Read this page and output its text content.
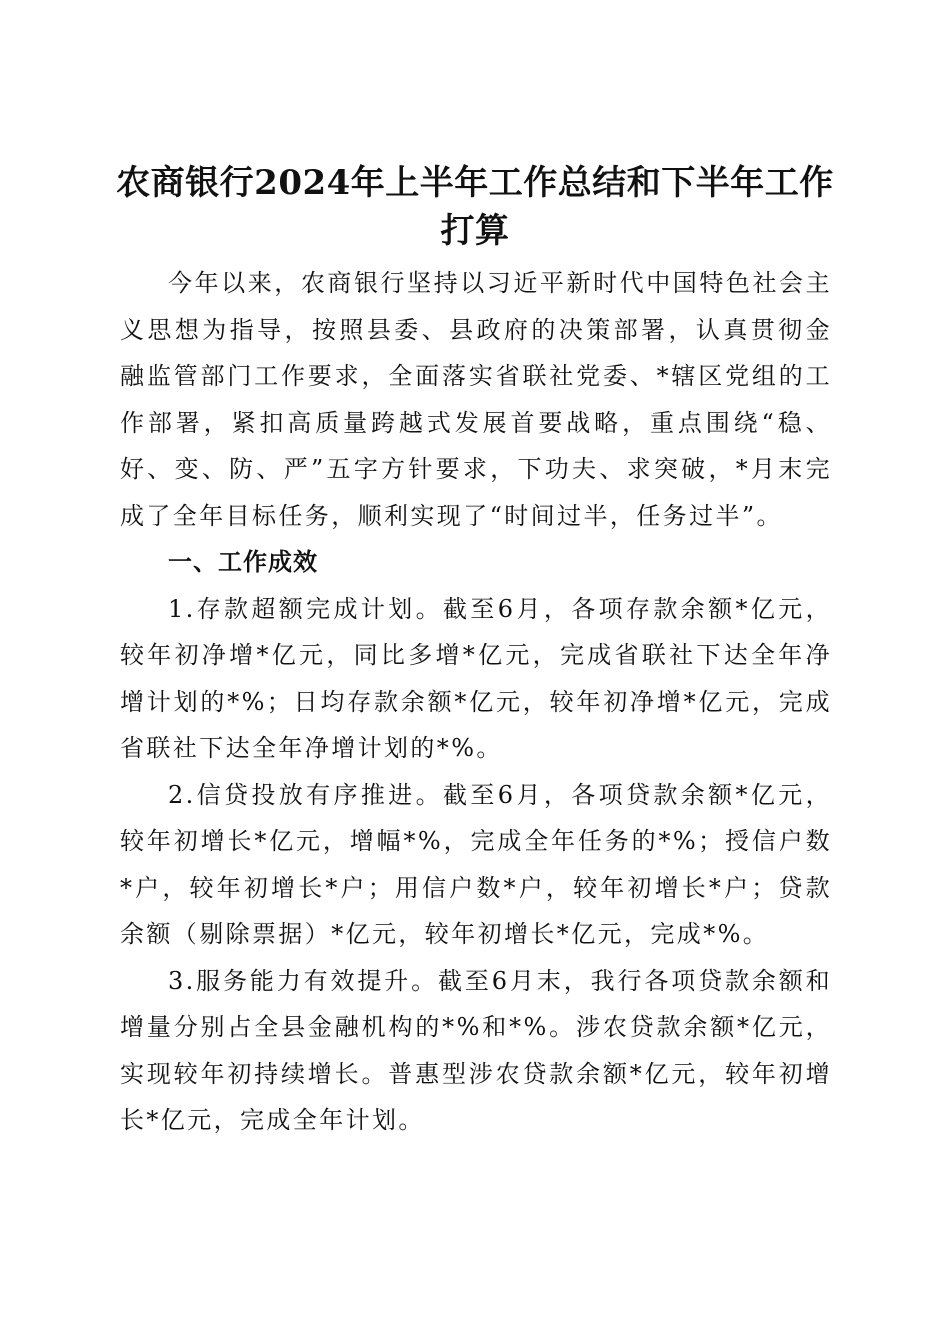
农商银行2024年上半年工作总结和下半年工作打算

今年以来，农商银行坚持以习近平新时代中国特色社会主义思想为指导，按照县委、县政府的决策部署，认真贯彻金融监管部门工作要求，全面落实省联社党委、*辖区党组的工作部署，紧扣高质量跨越式发展首要战略，重点围绕“稳、好、变、防、严”五字方针要求，下功夫、求突破，*月末完成了全年目标任务，顺利实现了“时间过半，任务过半”。

一、工作成效

1.存款超额完成计划。截至6月，各项存款余额*亿元，较年初净增*亿元，同比多增*亿元，完成省联社下达全年净增计划的*%；日均存款余额*亿元，较年初净增*亿元，完成省联社下达全年净增计划的*%。

2.信贷投放有序推进。截至6月，各项贷款余额*亿元，较年初增长*亿元，增幅*%，完成全年任务的*%；授信户数*户，较年初增长*户；用信户数*户，较年初增长*户；贷款余额（剔除票据）*亿元，较年初增长*亿元，完成*%。

3.服务能力有效提升。截至6月末，我行各项贷款余额和增量分别占全县金融机构的*%和*%。涉农贷款余额*亿元，实现较年初持续增长。普惠型涉农贷款余额*亿元，较年初增长*亿元，完成全年计划。
